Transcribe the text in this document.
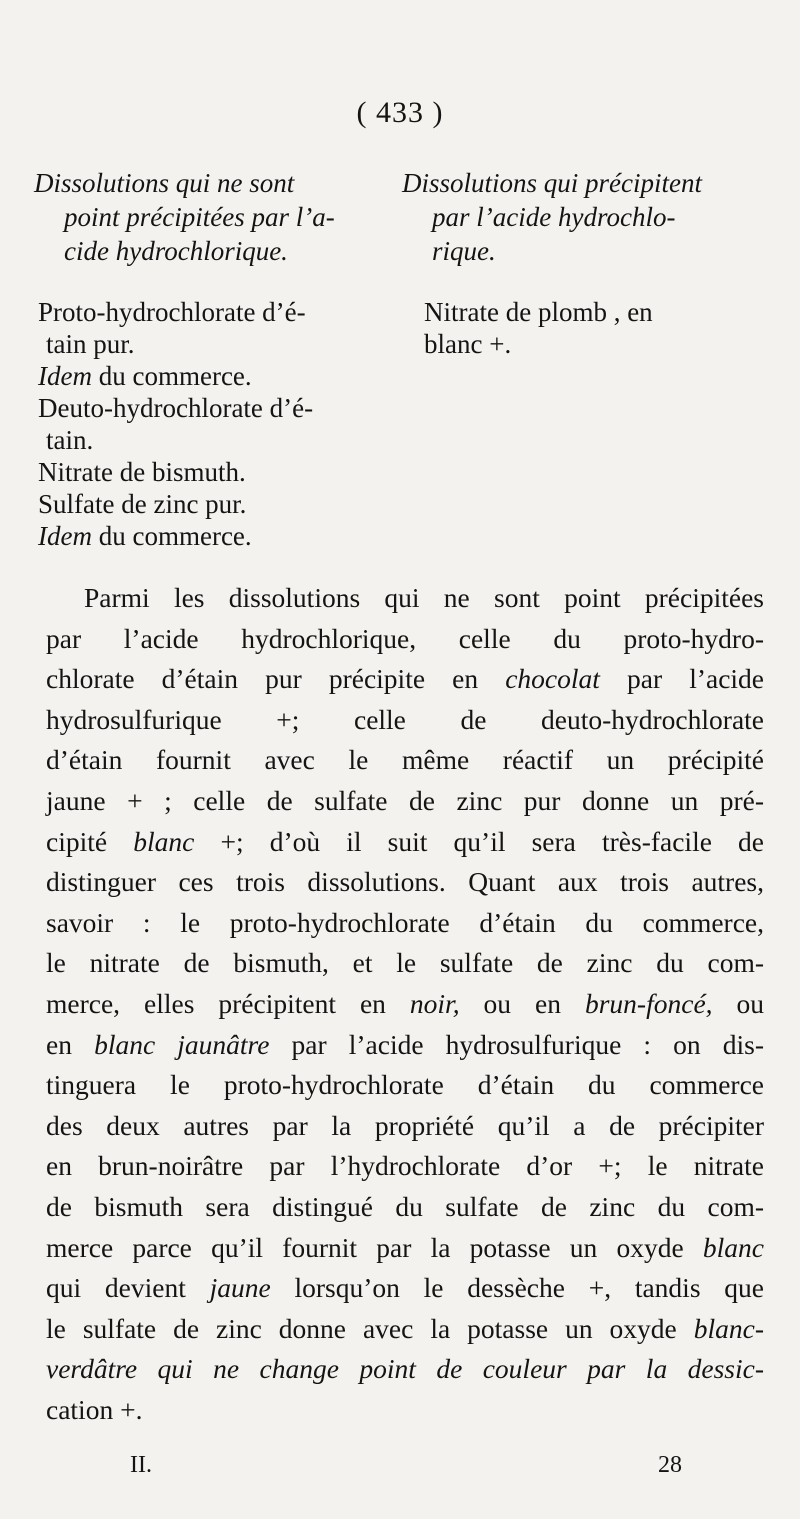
( 433 )
Dissolutions qui ne sont
point précipitées par l’a-
cide hydrochlorique.
Dissolutions qui précipitent
par l’acide hydrochlo-
rique.
Proto-hydrochlorate d’é-
tain pur.
Idem du commerce.
Deuto-hydrochlorate d’é-
tain.
Nitrate de bismuth.
Sulfate de zinc pur.
Idem du commerce.
Nitrate de plomb , en
blanc +.
Parmi les dissolutions qui ne sont point précipitées
par l’acide hydrochlorique, celle du proto-hydro-
chlorate d’étain pur précipite en chocolat par l’acide
hydrosulfurique +; celle de deuto-hydrochlorate
d’étain fournit avec le même réactif un précipité
jaune + ; celle de sulfate de zinc pur donne un pré-
cipité blanc +; d’où il suit qu’il sera très-facile de
distinguer ces trois dissolutions. Quant aux trois autres,
savoir : le proto-hydrochlorate d’étain du commerce,
le nitrate de bismuth, et le sulfate de zinc du com-
merce, elles précipitent en noir, ou en brun-foncé, ou
en blanc jaunâtre par l’acide hydrosulfurique : on dis-
tinguera le proto-hydrochlorate d’étain du commerce
des deux autres par la propriété qu’il a de précipiter
en brun-noirâtre par l’hydrochlorate d’or +; le nitrate
de bismuth sera distingué du sulfate de zinc du com-
merce parce qu’il fournit par la potasse un oxyde blanc
qui devient jaune lorsqu’on le dessèche +, tandis que
le sulfate de zinc donne avec la potasse un oxyde blanc-
verdâtre qui ne change point de couleur par la dessic-
cation +.
II.	28
